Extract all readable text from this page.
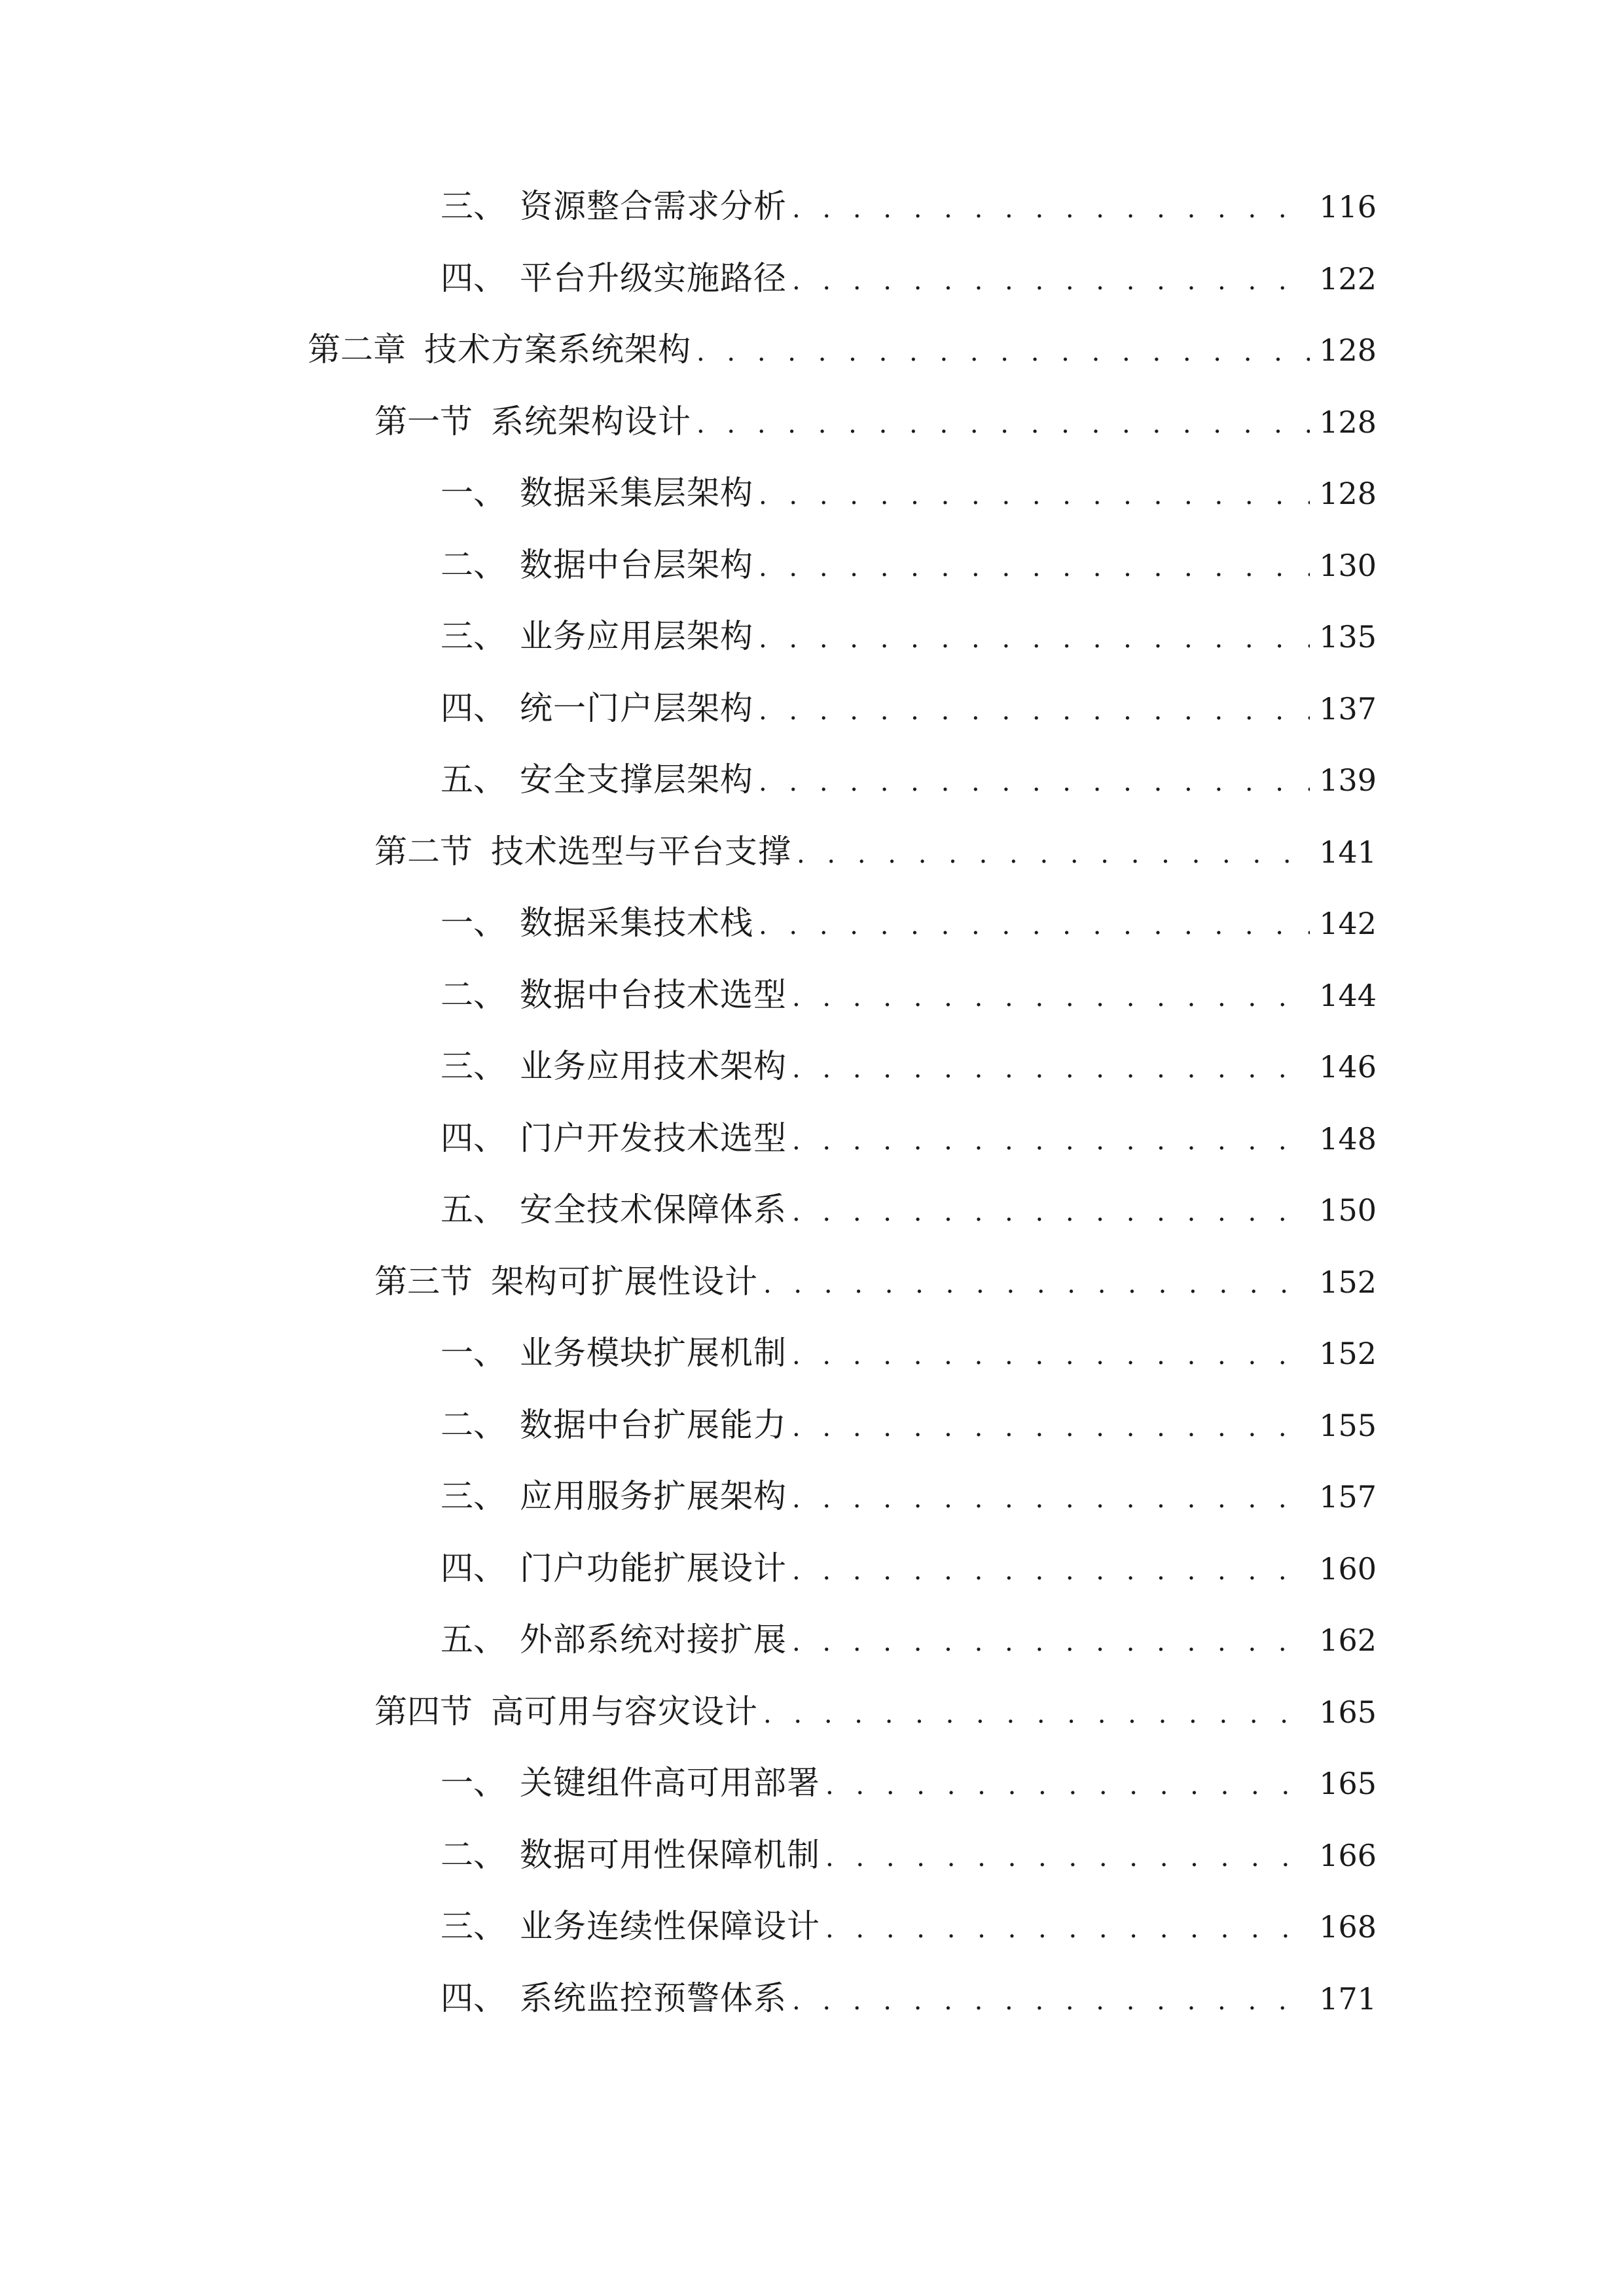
三、 资源整合需求分析 . . .	116
四、 平台升级实施路径 . . .	122
第二章 技术方案系统架构 . . .	128
第一节 系统架构设计 . . .	128
一、 数据采集层架构 . . .	128
二、 数据中台层架构 . . .	130
三、 业务应用层架构 . . .	135
四、 统一门户层架构 . . .	137
五、 安全支撑层架构 . . .	139
第二节 技术选型与平台支撑 . . .	141
一、 数据采集技术栈 . . .	142
二、 数据中台技术选型 . . .	144
三、 业务应用技术架构 . . .	146
四、 门户开发技术选型 . . .	148
五、 安全技术保障体系 . . .	150
第三节 架构可扩展性设计 . . .	152
一、 业务模块扩展机制 . . .	152
二、 数据中台扩展能力 . . .	155
三、 应用服务扩展架构 . . .	157
四、 门户功能扩展设计 . . .	160
五、 外部系统对接扩展 . . .	162
第四节 高可用与容灾设计 . . .	165
一、 关键组件高可用部署 . . .	165
二、 数据可用性保障机制 . . .	166
三、 业务连续性保障设计 . . .	168
四、 系统监控预警体系 . . .	171
